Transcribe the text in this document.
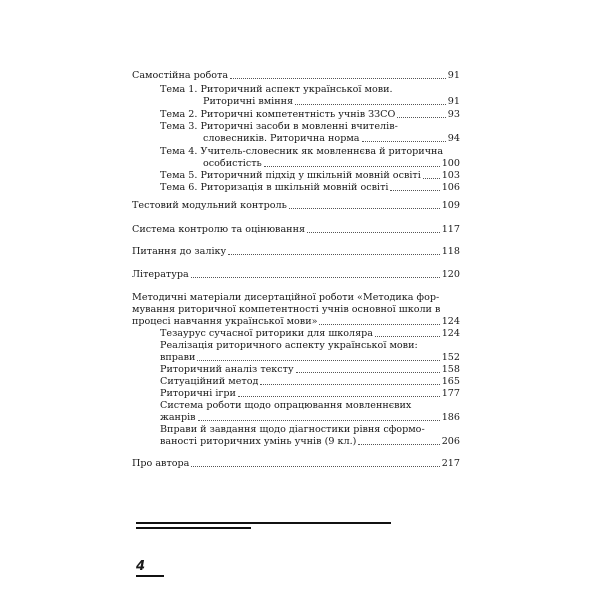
Самостійна робота	91
Тема 1. Риторичний аспект української мови.
Риторичні вміння	91
Тема 2. Риторичні компетентність учнів ЗЗСО	93
Тема 3. Риторичні засоби в мовленні вчителів-
словесників. Риторична норма	94
Тема 4. Учитель-словесник як мовленнєва й риторична
особистість	100
Тема 5. Риторичний підхід у шкільній мовній освіті 103
Тема 6. Риторизація в шкільній мовній освіті	106
Тестовий модульний контроль	109
Система контролю та оцінювання	117
Питання до заліку	118
Література	120
Методичні матеріали дисертаційної роботи «Методика фор-
мування риторичної компетентності учнів основної школи в
процесі навчання української мови»	124
Тезаурус сучасної риторики для школяра	124
Реалізація риторичного аспекту української мови:
вправи	152
Риторичний аналіз тексту	158
Ситуаційний метод	165
Риторичні ігри	177
Система роботи щодо опрацювання мовленнєвих
жанрів	186
Вправи й завдання щодо діагностики рівня сформо-
ваності риторичних умінь учнів (9 кл.)	206
Про автора	217
4
